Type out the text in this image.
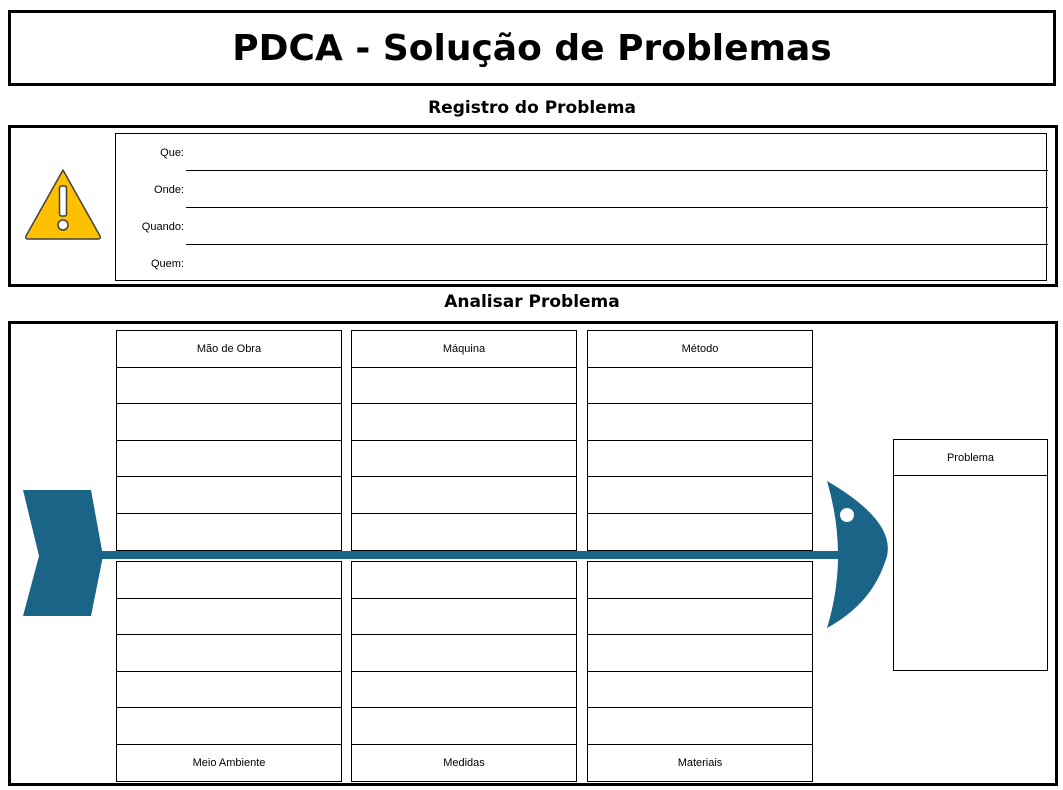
PDCA - Solução de Problemas
Registro do Problema
Que:
Onde:
Quando:
Quem:
Analisar Problema
Mão de Obra	Máquina	Método
Meio Ambiente	Medidas	Materiais
Problema
